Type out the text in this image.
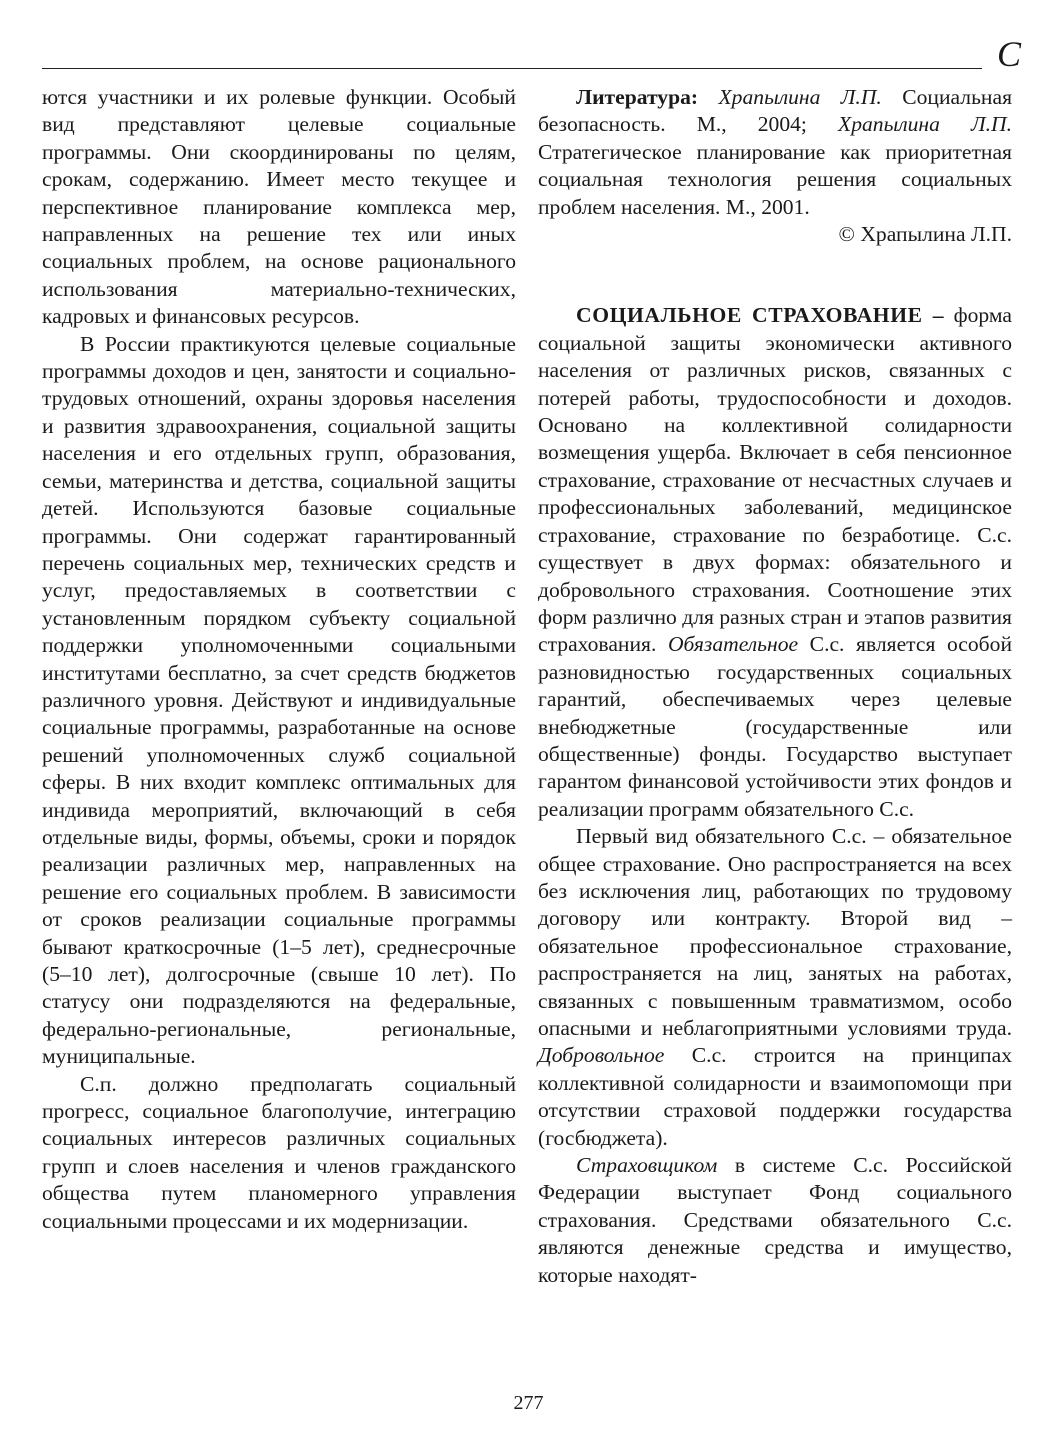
С

ются участники и их ролевые функции. Особый вид представляют целевые социальные программы. Они скоординированы по целям, срокам, содержанию. Имеет место текущее и перспективное планирование комплекса мер, направленных на решение тех или иных социальных проблем, на основе рационального использования материально-технических, кадровых и финансовых ресурсов.

В России практикуются целевые социальные программы доходов и цен, занятости и социально-трудовых отношений, охраны здоровья населения и развития здравоохранения, социальной защиты населения и его отдельных групп, образования, семьи, материнства и детства, социальной защиты детей. Используются базовые социальные программы. Они содержат гарантированный перечень социальных мер, технических средств и услуг, предоставляемых в соответствии с установленным порядком субъекту социальной поддержки уполномоченными социальными институтами бесплатно, за счет средств бюджетов различного уровня. Действуют и индивидуальные социальные программы, разработанные на основе решений уполномоченных служб социальной сферы. В них входит комплекс оптимальных для индивида мероприятий, включающий в себя отдельные виды, формы, объемы, сроки и порядок реализации различных мер, направленных на решение его социальных проблем. В зависимости от сроков реализации социальные программы бывают краткосрочные (1–5 лет), среднесрочные (5–10 лет), долгосрочные (свыше 10 лет). По статусу они подразделяются на федеральные, федерально-региональные, региональные, муниципальные.

С.п. должно предполагать социальный прогресс, социальное благополучие, интеграцию социальных интересов различных социальных групп и слоев населения и членов гражданского общества путем планомерного управления социальными процессами и их модернизации.

Литература: Храпылина Л.П. Социальная безопасность. М., 2004; Храпылина Л.П. Стратегическое планирование как приоритетная социальная технология решения социальных проблем населения. М., 2001.

© Храпылина Л.П.

СОЦИАЛЬНОЕ СТРАХОВАНИЕ – форма социальной защиты экономически активного населения от различных рисков, связанных с потерей работы, трудоспособности и доходов. Основано на коллективной солидарности возмещения ущерба. Включает в себя пенсионное страхование, страхование от несчастных случаев и профессиональных заболеваний, медицинское страхование, страхование по безработице. С.с. существует в двух формах: обязательного и добровольного страхования. Соотношение этих форм различно для разных стран и этапов развития страхования. Обязательное С.с. является особой разновидностью государственных социальных гарантий, обеспечиваемых через целевые внебюджетные (государственные или общественные) фонды. Государство выступает гарантом финансовой устойчивости этих фондов и реализации программ обязательного С.с.

Первый вид обязательного С.с. – обязательное общее страхование. Оно распространяется на всех без исключения лиц, работающих по трудовому договору или контракту. Второй вид – обязательное профессиональное страхование, распространяется на лиц, занятых на работах, связанных с повышенным травматизмом, особо опасными и неблагоприятными условиями труда. Добровольное С.с. строится на принципах коллективной солидарности и взаимопомощи при отсутствии страховой поддержки государства (госбюджета).

Страховщиком в системе С.с. Российской Федерации выступает Фонд социального страхования. Средствами обязательного С.с. являются денежные средства и имущество, которые находят-

277
